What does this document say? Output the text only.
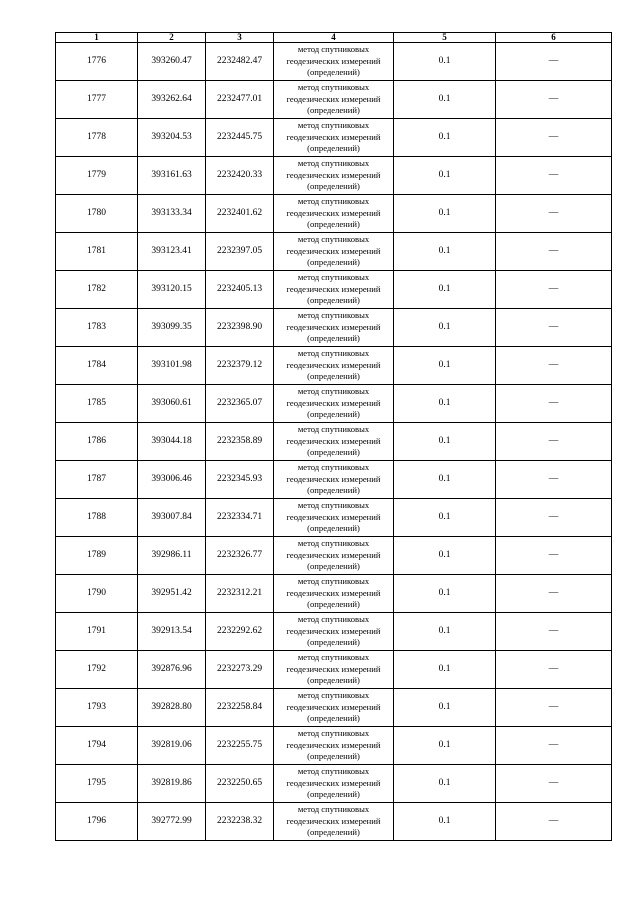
1	2	3	4	5	6
1776	393260.47	2232482.47	метод спутниковых
геодезических измерений
(определений)	0.1	—
1777	393262.64	2232477.01	метод спутниковых
геодезических измерений
(определений)	0.1	—
1778	393204.53	2232445.75	метод спутниковых
геодезических измерений
(определений)	0.1	—
1779	393161.63	2232420.33	метод спутниковых
геодезических измерений
(определений)	0.1	—
1780	393133.34	2232401.62	метод спутниковых
геодезических измерений
(определений)	0.1	—
1781	393123.41	2232397.05	метод спутниковых
геодезических измерений
(определений)	0.1	—
1782	393120.15	2232405.13	метод спутниковых
геодезических измерений
(определений)	0.1	—
1783	393099.35	2232398.90	метод спутниковых
геодезических измерений
(определений)	0.1	—
1784	393101.98	2232379.12	метод спутниковых
геодезических измерений
(определений)	0.1	—
1785	393060.61	2232365.07	метод спутниковых
геодезических измерений
(определений)	0.1	—
1786	393044.18	2232358.89	метод спутниковых
геодезических измерений
(определений)	0.1	—
1787	393006.46	2232345.93	метод спутниковых
геодезических измерений
(определений)	0.1	—
1788	393007.84	2232334.71	метод спутниковых
геодезических измерений
(определений)	0.1	—
1789	392986.11	2232326.77	метод спутниковых
геодезических измерений
(определений)	0.1	—
1790	392951.42	2232312.21	метод спутниковых
геодезических измерений
(определений)	0.1	—
1791	392913.54	2232292.62	метод спутниковых
геодезических измерений
(определений)	0.1	—
1792	392876.96	2232273.29	метод спутниковых
геодезических измерений
(определений)	0.1	—
1793	392828.80	2232258.84	метод спутниковых
геодезических измерений
(определений)	0.1	—
1794	392819.06	2232255.75	метод спутниковых
геодезических измерений
(определений)	0.1	—
1795	392819.86	2232250.65	метод спутниковых
геодезических измерений
(определений)	0.1	—
1796	392772.99	2232238.32	метод спутниковых
геодезических измерений
(определений)	0.1	—
